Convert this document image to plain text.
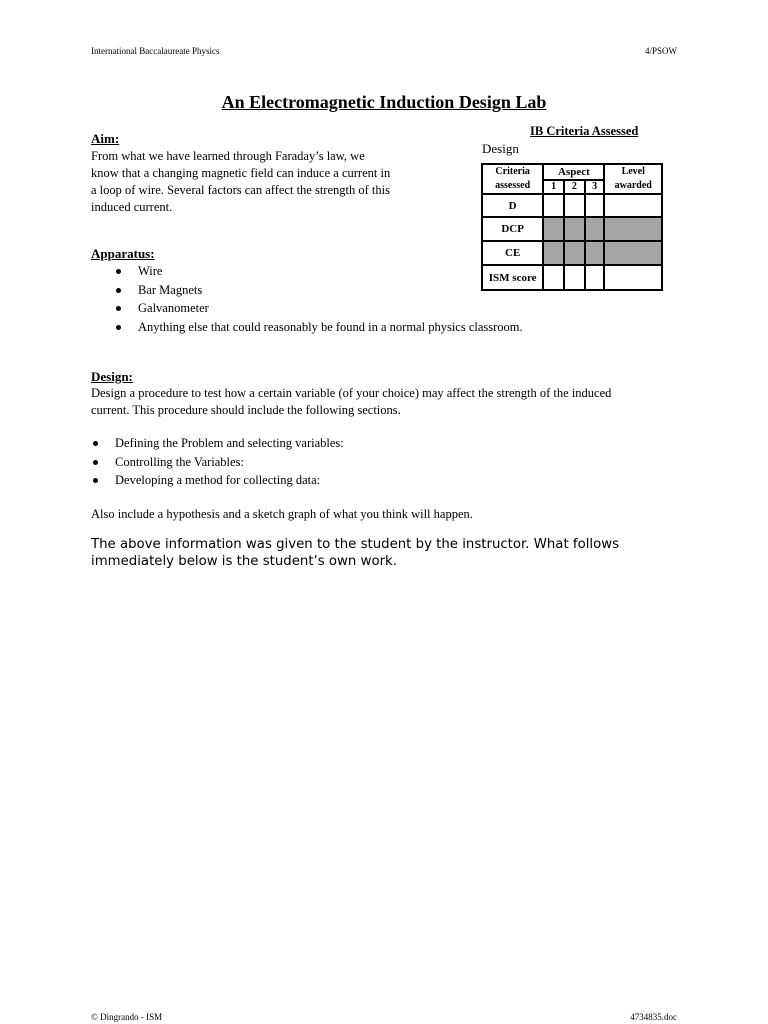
International Baccalaureate Physics	4/PSOW
An Electromagnetic Induction Design Lab
Aim:
From what we have learned through Faraday’s law, we know that a changing magnetic field can induce a current in a loop of wire. Several factors can affect the strength of this induced current.
IB Criteria Assessed
Design
Criteria assessed	Aspect			Level awarded
	1	2	3	
D				
DCP				
CE				
ISM score				
Apparatus:
Wire
Bar Magnets
Galvanometer
Anything else that could reasonably be found in a normal physics classroom.
Design:
Design a procedure to test how a certain variable (of your choice) may affect the strength of the induced current. This procedure should include the following sections.
Defining the Problem and selecting variables:
Controlling the Variables:
Developing a method for collecting data:
Also include a hypothesis and a sketch graph of what you think will happen.
The above information was given to the student by the instructor. What follows immediately below is the student’s own work.
© Dingrando - ISM	4734835.doc
